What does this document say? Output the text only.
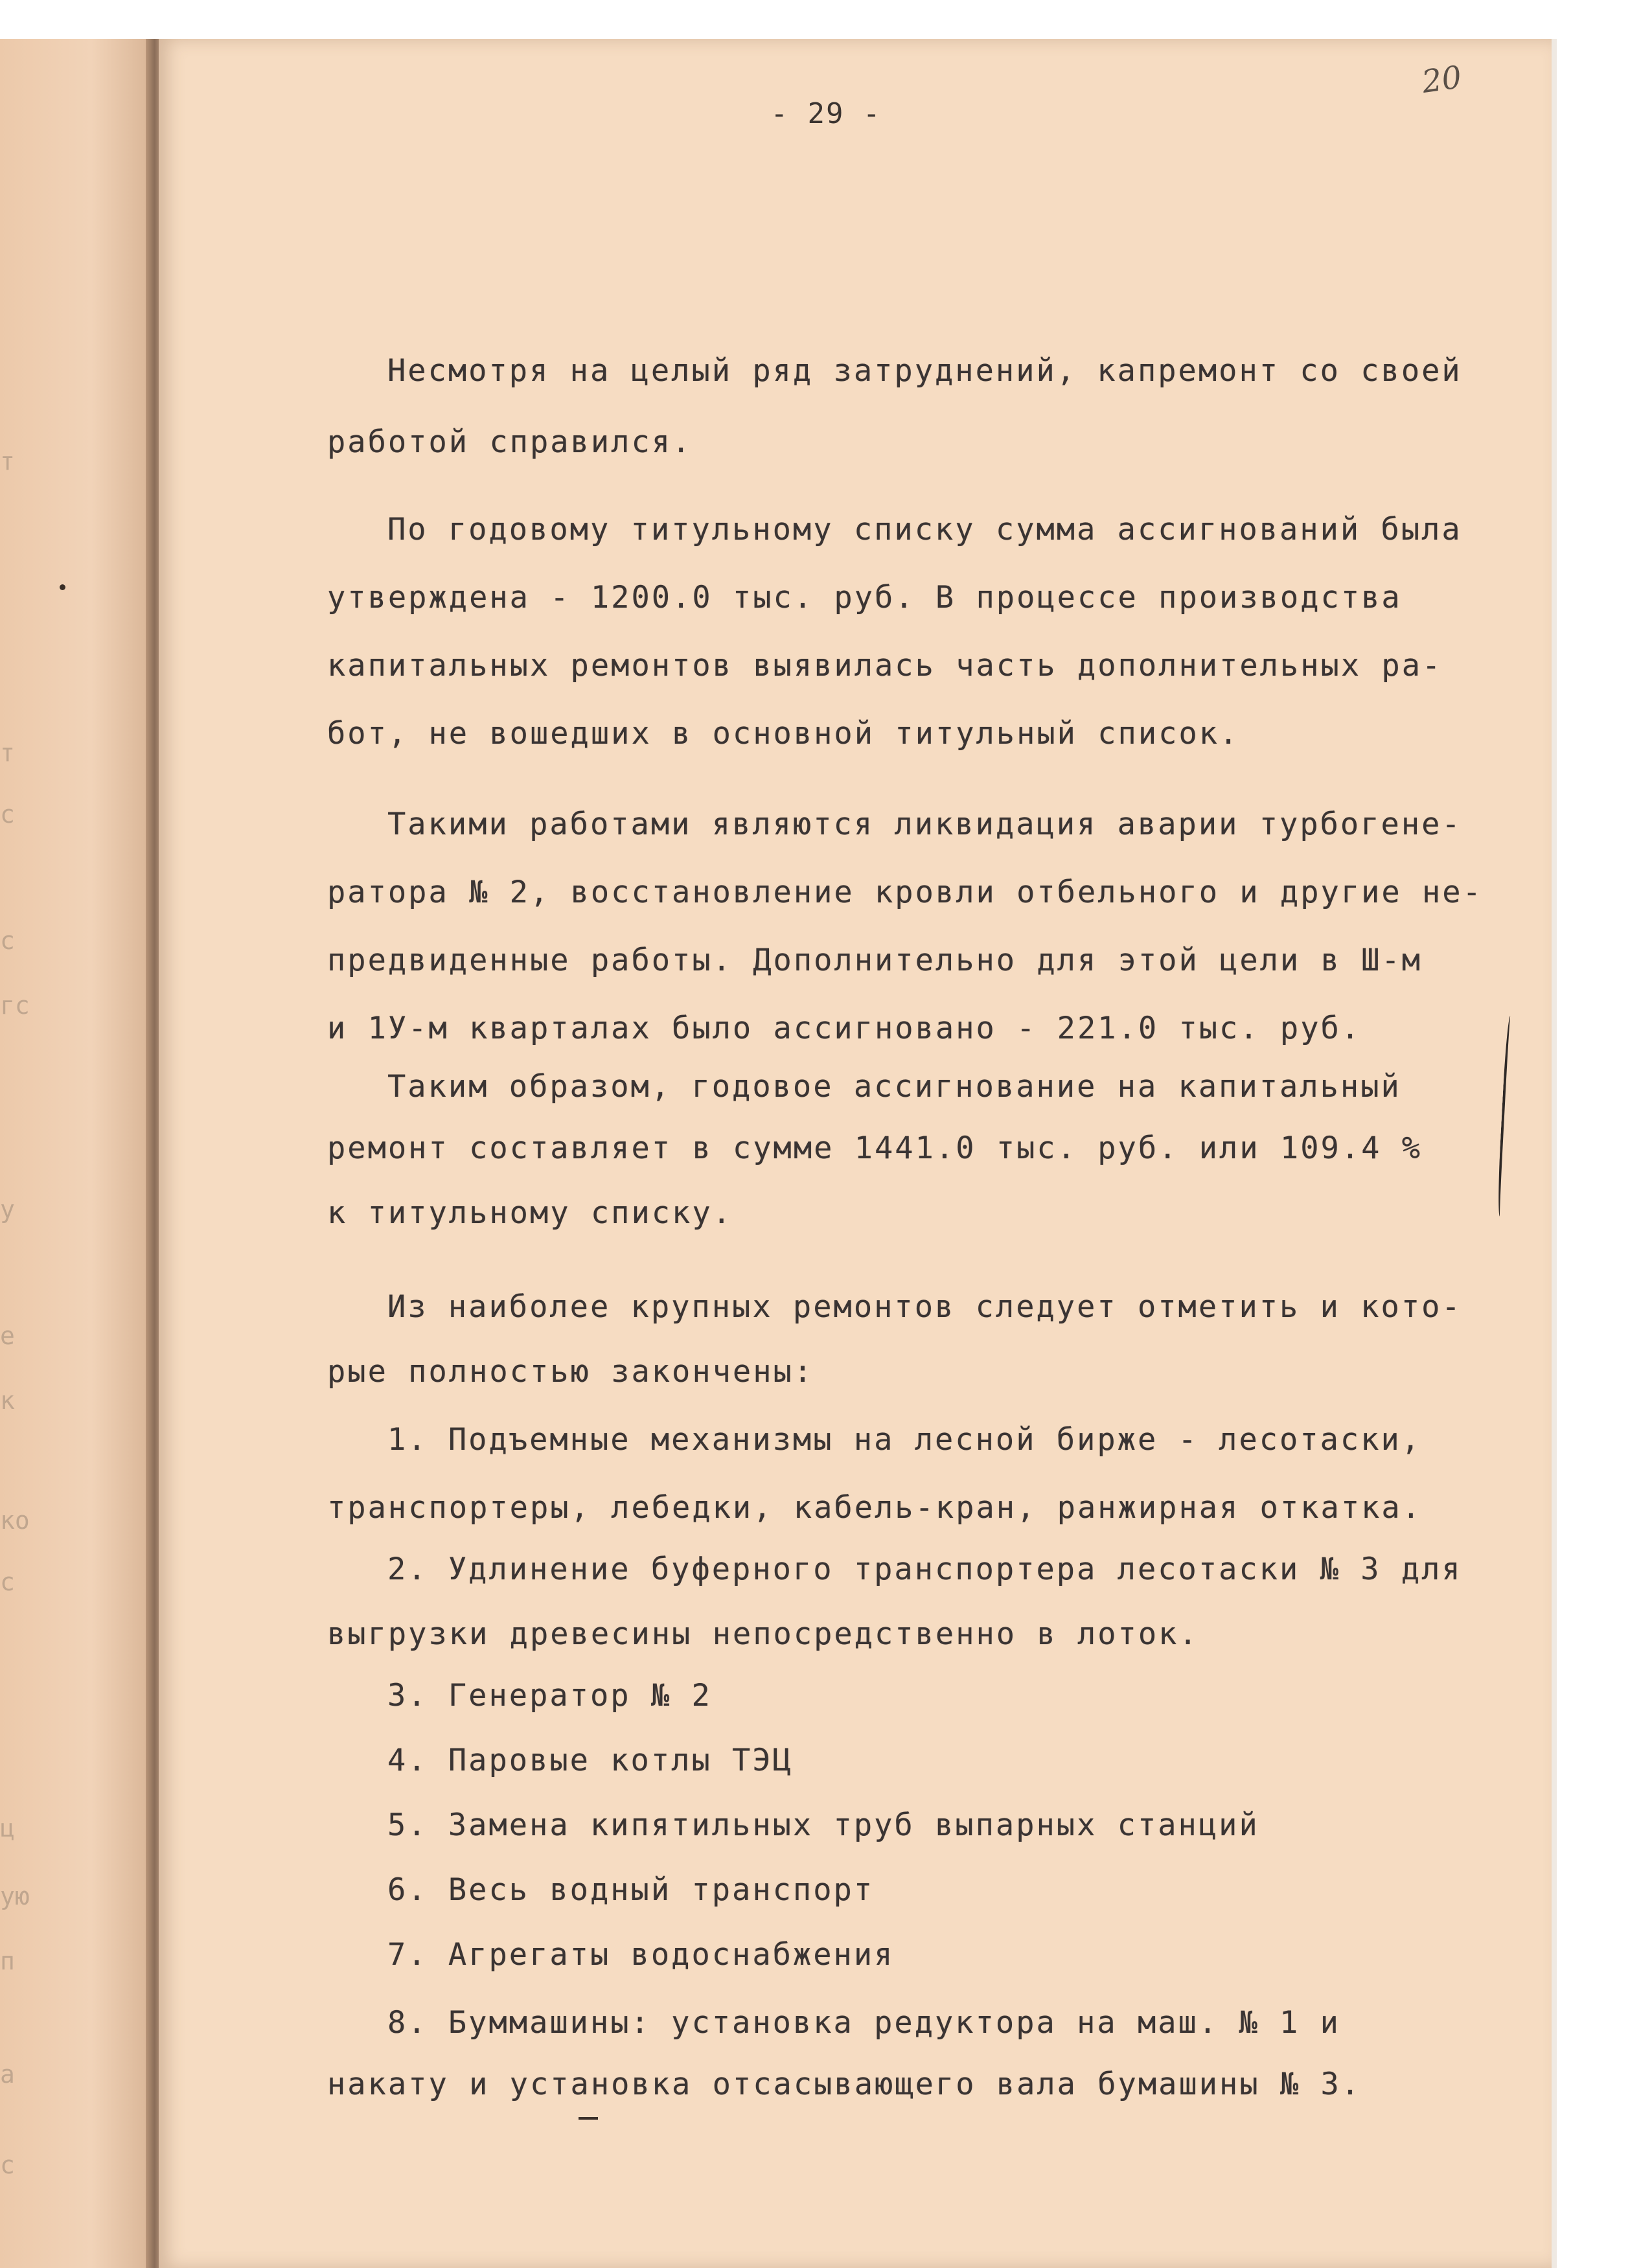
т
т
с
с
гс
у
е
к
ко
с
ц
ую
п
а
с
- 29 -
20
Несмотря на целый ряд затруднений, капремонт со своей
работой справился.
По годовому титульному списку сумма ассигнований была
утверждена - 1200.0 тыс. руб. В процессе производства
капитальных ремонтов выявилась часть дополнительных ра-
бот, не вошедших в основной титульный список.
Такими работами являются ликвидация аварии турбогене-
ратора № 2, восстановление кровли отбельного и другие не-
предвиденные работы. Дополнительно для этой цели в Ш-м
и 1У-м кварталах было ассигновано - 221.0 тыс. руб.
Таким образом, годовое ассигнование на капитальный
ремонт составляет в сумме 1441.0 тыс. руб. или 109.4 %
к титульному списку.
Из наиболее крупных ремонтов следует отметить и кото-
рые полностью закончены:
1. Подъемные механизмы на лесной бирже - лесотаски,
транспортеры, лебедки, кабель-кран, ранжирная откатка.
2. Удлинение буферного транспортера лесотаски № 3 для
выгрузки древесины непосредственно в лоток.
3. Генератор № 2
4. Паровые котлы ТЭЦ
5. Замена кипятильных труб выпарных станций
6. Весь водный транспорт
7. Агрегаты водоснабжения
8. Буммашины: установка редуктора на маш. № 1 и
накату и установка отсасывающего вала бумашины № 3.
